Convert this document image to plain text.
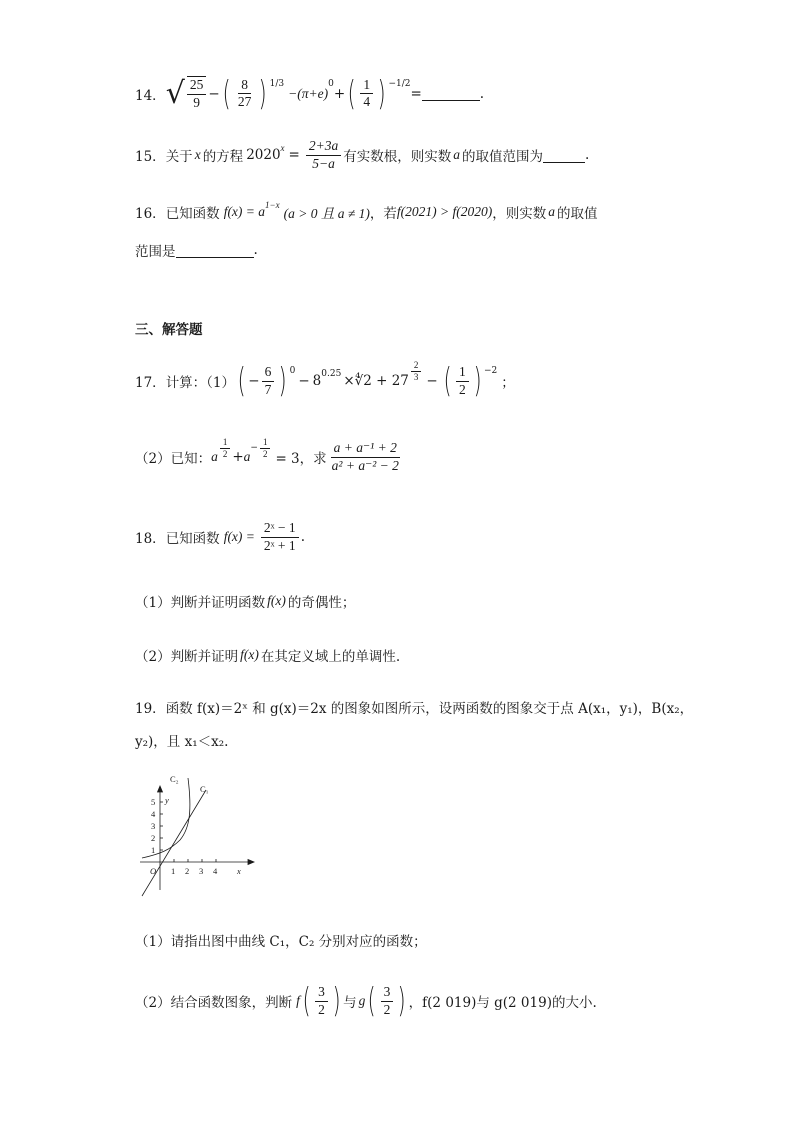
14． √ $\frac{25}{9}$ − ( $\frac{8}{27}$ ) 1/3
−(π+e)
0
+ ( $\frac{1}{4}$ ) −1/2
=	.
15． 关于 x 的方程 2020 $x = \frac{2+3a}{5-a}$ 有实数根，则实数 a 的取值范围为	.
16． 已知函数 f(x) = a 1−x
(a > 0 且 a ≠ 1) ，若 f(2021) > f(2020) ，则实数 a 的取值
范围是	.
三、解答题
17． 计算：（1） ( − $\frac{6}{7}$ ) 0
− 8 0.25 ×∜2 + $27 \frac{2}{3}$ − ( $\frac{1}{2}$ ) −2
；
（2）已知： a $\frac{1}{2} + a$
− $\frac{1}{2} = 3$，求 $\frac{\text{a + a⁻¹ + 2}}{\text{a² + a⁻² − 2}}$
18． 已知函数 $f(x) = \frac{\text{2ˣ − 1}}{\text{2ˣ + 1}}$ .
（1）判断并证明函数 f(x) 的奇偶性；
（2）判断并证明 f(x) 在其定义域上的单调性.
19． 函数 f(x)＝2ˣ 和 g(x)＝2x 的图象如图所示，设两函数的图象交于点 A(x₁，y₁)，B(x₂，
y₂)，且 x₁＜x₂.
C₂
C₁
y
x
O 1 2 3 4
1
2
3
4
5
（1）请指出图中曲线 C₁，C₂ 分别对应的函数；
（2）结合函数图象，判断 f ( $\frac{3}{2}$ ) 与 g ( $\frac{3}{2}$ ) ，f(2 019)与 g(2 019)的大小.
